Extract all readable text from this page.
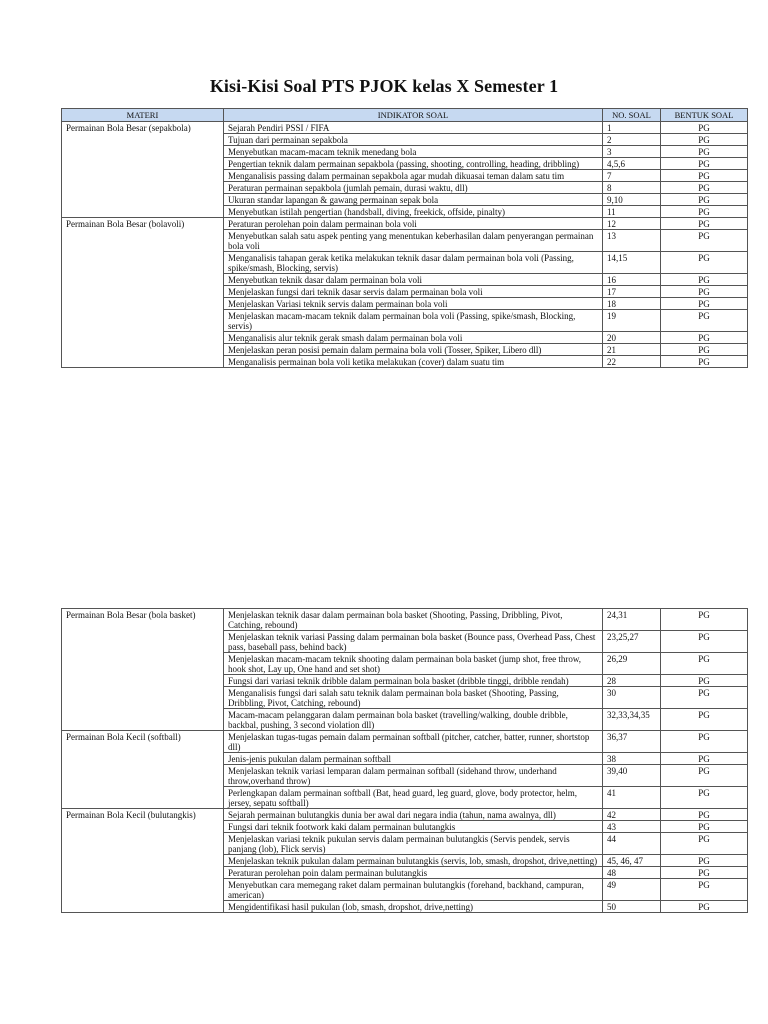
Kisi-Kisi Soal PTS PJOK kelas X Semester 1
MATERI	INDIKATOR SOAL	NO. SOAL	BENTUK SOAL
Permainan Bola Besar (sepakbola)	Sejarah Pendiri PSSI / FIFA	1	PG
	Tujuan dari permainan sepakbola	2	PG
	Menyebutkan macam-macam teknik menedang bola	3	PG
	Pengertian teknik dalam permainan sepakbola (passing, shooting, controlling, heading, dribbling)	4,5,6	PG
	Menganalisis passing dalam permainan sepakbola agar mudah dikuasai teman dalam satu tim	7	PG
	Peraturan permainan sepakbola (jumlah pemain, durasi waktu, dll)	8	PG
	Ukuran standar lapangan & gawang permainan sepak bola	9,10	PG
	Menyebutkan istilah pengertian (handsball, diving, freekick, offside, pinalty)	11	PG
Permainan Bola Besar (bolavoli)	Peraturan perolehan poin dalam permainan bola voli	12	PG
	Menyebutkan salah satu aspek penting yang menentukan keberhasilan dalam penyerangan permainan bola voli	13	PG
	Menganalisis tahapan gerak ketika melakukan teknik dasar dalam permainan bola voli (Passing, spike/smash, Blocking, servis)	14,15	PG
	Menyebutkan teknik dasar dalam permainan bola voli	16	PG
	Menjelaskan fungsi dari teknik dasar servis dalam permainan bola voli	17	PG
	Menjelaskan Variasi teknik servis dalam permainan bola voli	18	PG
	Menjelaskan macam-macam teknik dalam permainan bola voli (Passing, spike/smash, Blocking, servis)	19	PG
	Menganalisis alur teknik gerak smash dalam permainan bola voli	20	PG
	Menjelaskan peran posisi pemain dalam permaina bola voli (Tosser, Spiker, Libero dll)	21	PG
	Menganalisis permainan bola voli ketika melakukan (cover) dalam suatu tim	22	PG
Permainan Bola Besar (bola basket)	Menjelaskan teknik dasar dalam permainan bola basket (Shooting, Passing, Dribbling, Pivot, Catching, rebound)	24,31	PG
	Menjelaskan teknik variasi Passing dalam permainan bola basket (Bounce pass, Overhead Pass, Chest pass, baseball pass, behind back)	23,25,27	PG
	Menjelaskan macam-macam teknik shooting dalam permainan bola basket (jump shot, free throw, hook shot, Lay up, One hand and set shot)	26,29	PG
	Fungsi dari variasi teknik dribble dalam permainan bola basket (dribble tinggi, dribble rendah)	28	PG
	Menganalisis fungsi dari salah satu teknik dalam permainan bola basket (Shooting, Passing, Dribbling, Pivot, Catching, rebound)	30	PG
	Macam-macam pelanggaran dalam permainan bola basket (travelling/walking, double dribble, backbal, pushing, 3 second violation dll)	32,33,34,35	PG
Permainan Bola Kecil (softball)	Menjelaskan tugas-tugas pemain dalam permainan softball (pitcher, catcher, batter, runner, shortstop dll)	36,37	PG
	Jenis-jenis pukulan dalam permainan softball	38	PG
	Menjelaskan teknik variasi lemparan dalam permainan softball (sidehand throw, underhand throw,overhand throw)	39,40	PG
	Perlengkapan dalam permainan softball (Bat, head guard, leg guard, glove, body protector, helm, jersey, sepatu softball)	41	PG
Permainan Bola Kecil (bulutangkis)	Sejarah permainan bulutangkis dunia ber awal dari negara india (tahun, nama awalnya, dll)	42	PG
	Fungsi dari teknik footwork kaki dalam permainan bulutangkis	43	PG
	Menjelaskan variasi teknik pukulan servis dalam permainan bulutangkis (Servis pendek, servis panjang (lob), Flick servis)	44	PG
	Menjelaskan teknik pukulan dalam permainan bulutangkis (servis, lob, smash, dropshot, drive,netting)	45, 46, 47	PG
	Peraturan perolehan poin dalam permainan bulutangkis	48	PG
	Menyebutkan cara memegang raket dalam permainan bulutangkis (forehand, backhand, campuran, american)	49	PG
	Mengidentifikasi hasil pukulan (lob, smash, dropshot, drive,netting)	50	PG
